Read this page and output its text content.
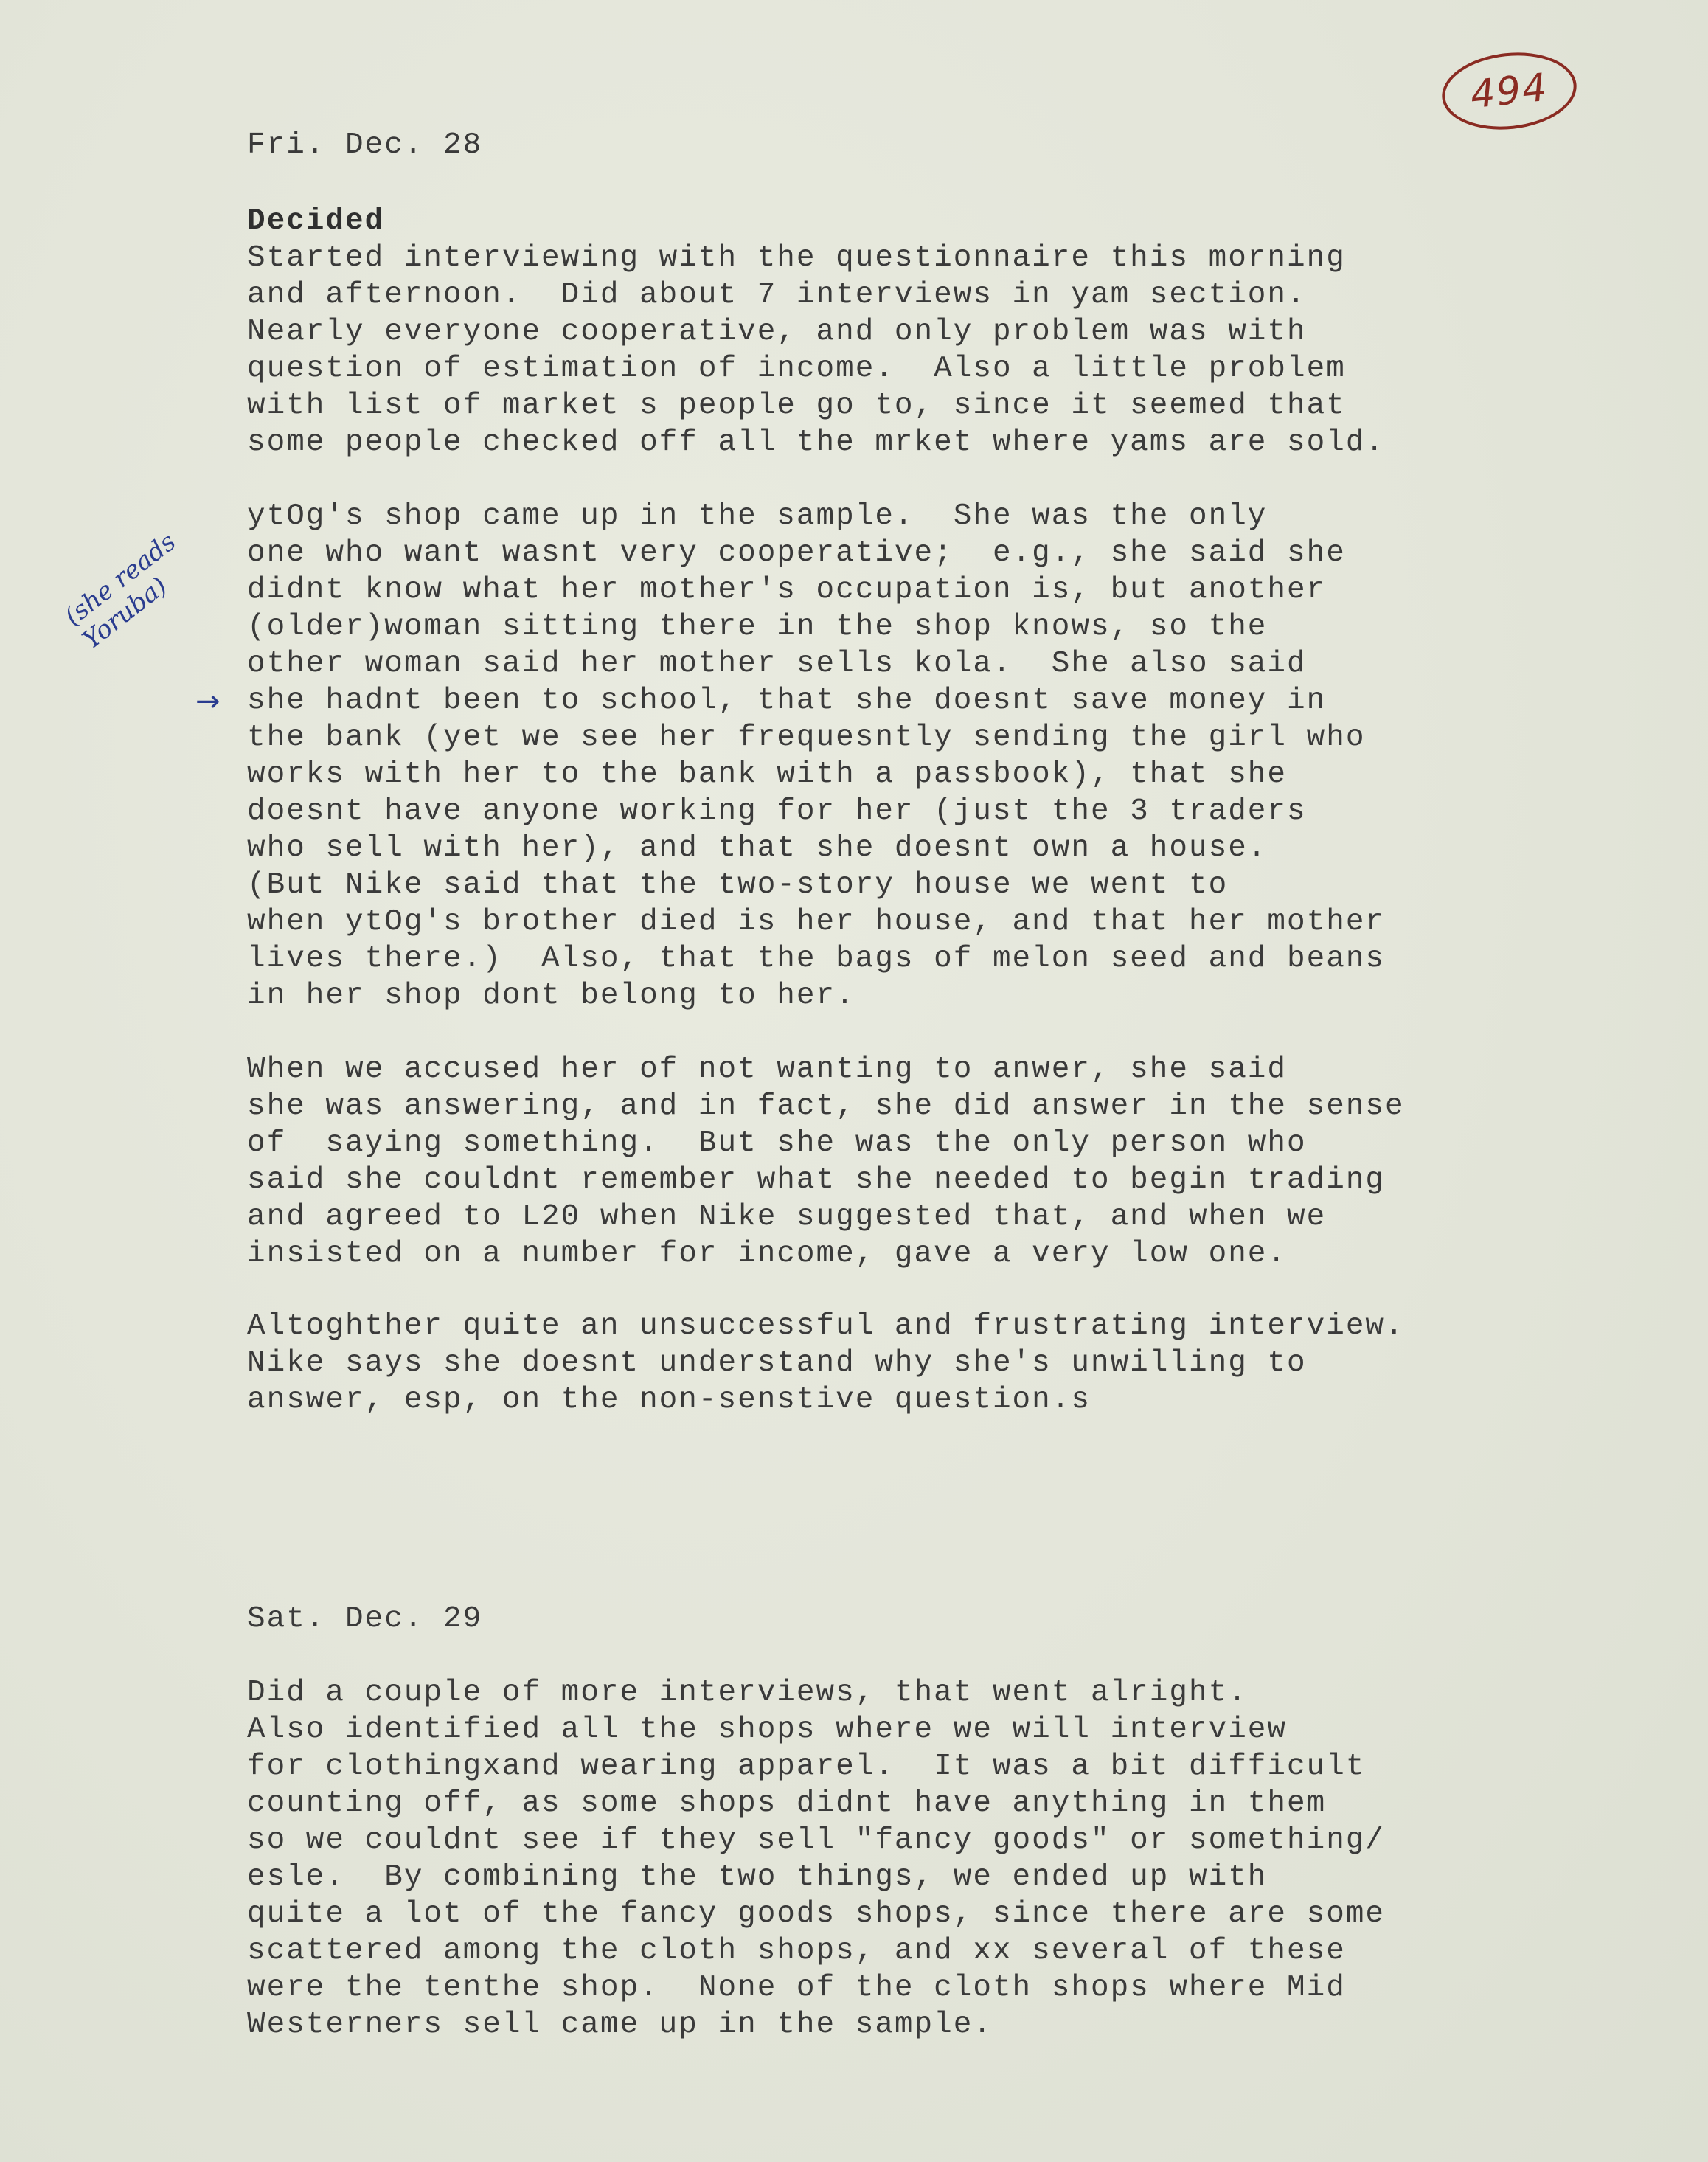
494
Fri. Dec. 28
Decided
Started interviewing with the questionnaire this morning
and afternoon.  Did about 7 interviews in yam section.
Nearly everyone cooperative, and only problem was with
question of estimation of income.  Also a little problem
with list of market s people go to, since it seemed that
some people checked off all the mrket where yams are sold.
ytOg's shop came up in the sample.  She was the only
one who want wasnt very cooperative;  e.g., she said she
didnt know what her mother's occupation is, but another
(older)woman sitting there in the shop knows, so the
other woman said her mother sells kola.  She also said
she hadnt been to school, that she doesnt save money in
the bank (yet we see her frequesntly sending the girl who
works with her to the bank with a passbook), that she
doesnt have anyone working for her (just the 3 traders
who sell with her), and that she doesnt own a house.
(But Nike said that the two-story house we went to
when ytOg's brother died is her house, and that her mother
lives there.)  Also, that the bags of melon seed and beans
in her shop dont belong to her.
When we accused her of not wanting to anwer, she said
she was answering, and in fact, she did answer in the sense
of  saying something.  But she was the only person who
said she couldnt remember what she needed to begin trading
and agreed to L20 when Nike suggested that, and when we
insisted on a number for income, gave a very low one.
Altoghther quite an unsuccessful and frustrating interview.
Nike says she doesnt understand why she's unwilling to
answer, esp, on the non-senstive question.s
Sat. Dec. 29
Did a couple of more interviews, that went alright.
Also identified all the shops where we will interview
for clothingxand wearing apparel.  It was a bit difficult
counting off, as some shops didnt have anything in them
so we couldnt see if they sell "fancy goods" or something/
esle.  By combining the two things, we ended up with
quite a lot of the fancy goods shops, since there are some
scattered among the cloth shops, and xx several of these
were the tenthe shop.  None of the cloth shops where Mid
Westerners sell came up in the sample.
(she reads
Yoruba)
→
